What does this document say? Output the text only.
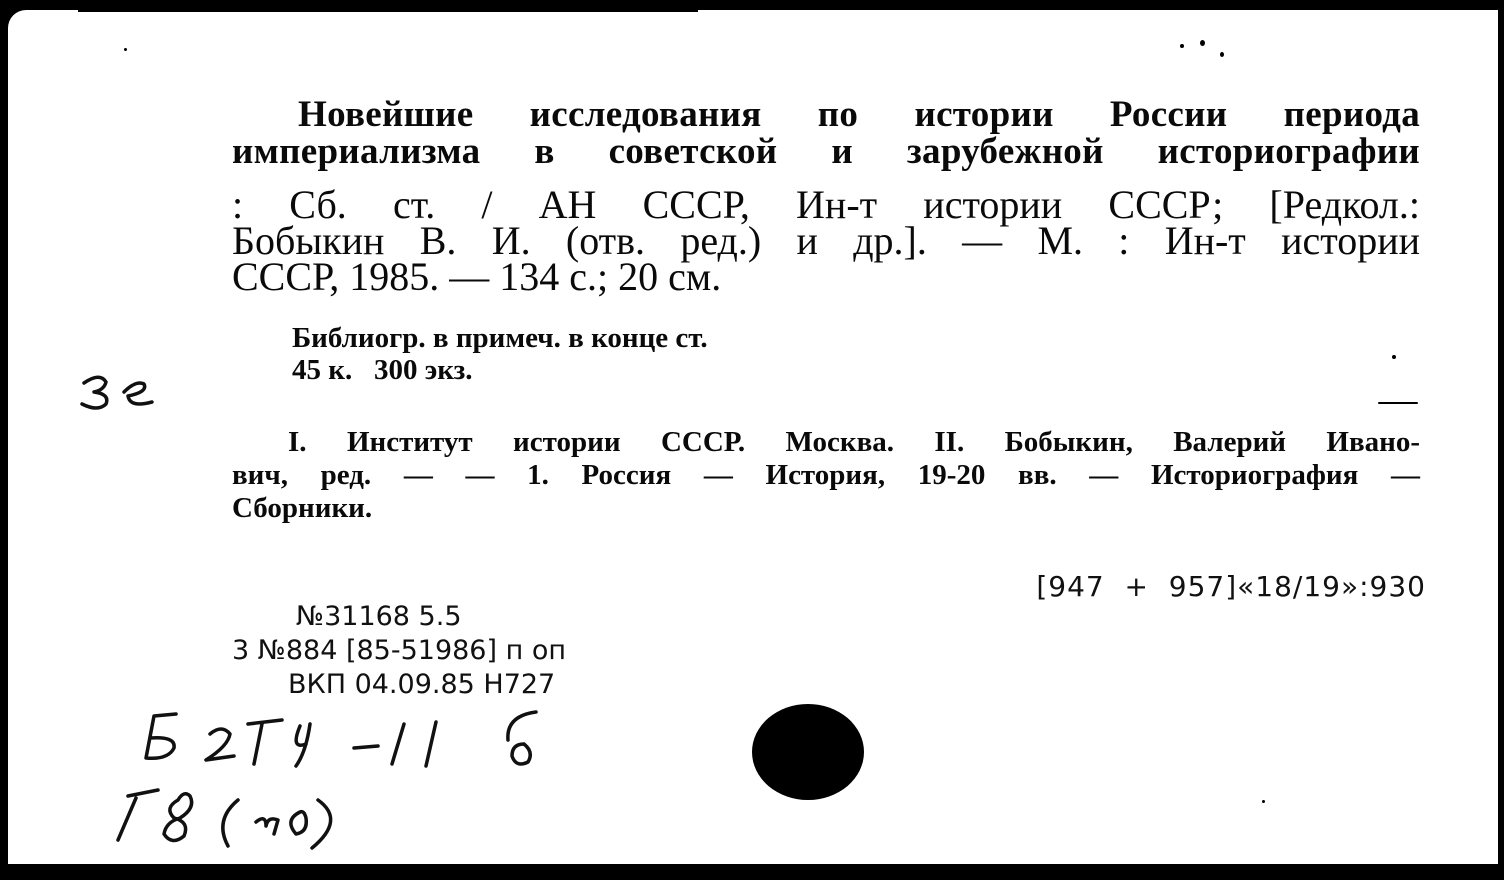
Новейшие исследования по истории России периода
империализма в советской и зарубежной историографии
: Сб. ст. / АН СССР, Ин-т истории СССР; [Редкол.:
Бобыкин В. И. (отв. ред.) и др.]. — М. : Ин-т истории
СССР, 1985. — 134 с.; 20 см.
Библиогр. в примеч. в конце ст.
45 к.   300 экз.
I. Институт истории СССР. Москва. II. Бобыкин, Валерий Ивано-
вич, ред. — — 1. Россия — История, 19-20 вв. — Историография —
Сборники.
[947  +  957]«18/19»:930
№31168 5.5
3 №884 [85-51986] п оп
ВКП 04.09.85 Н727
